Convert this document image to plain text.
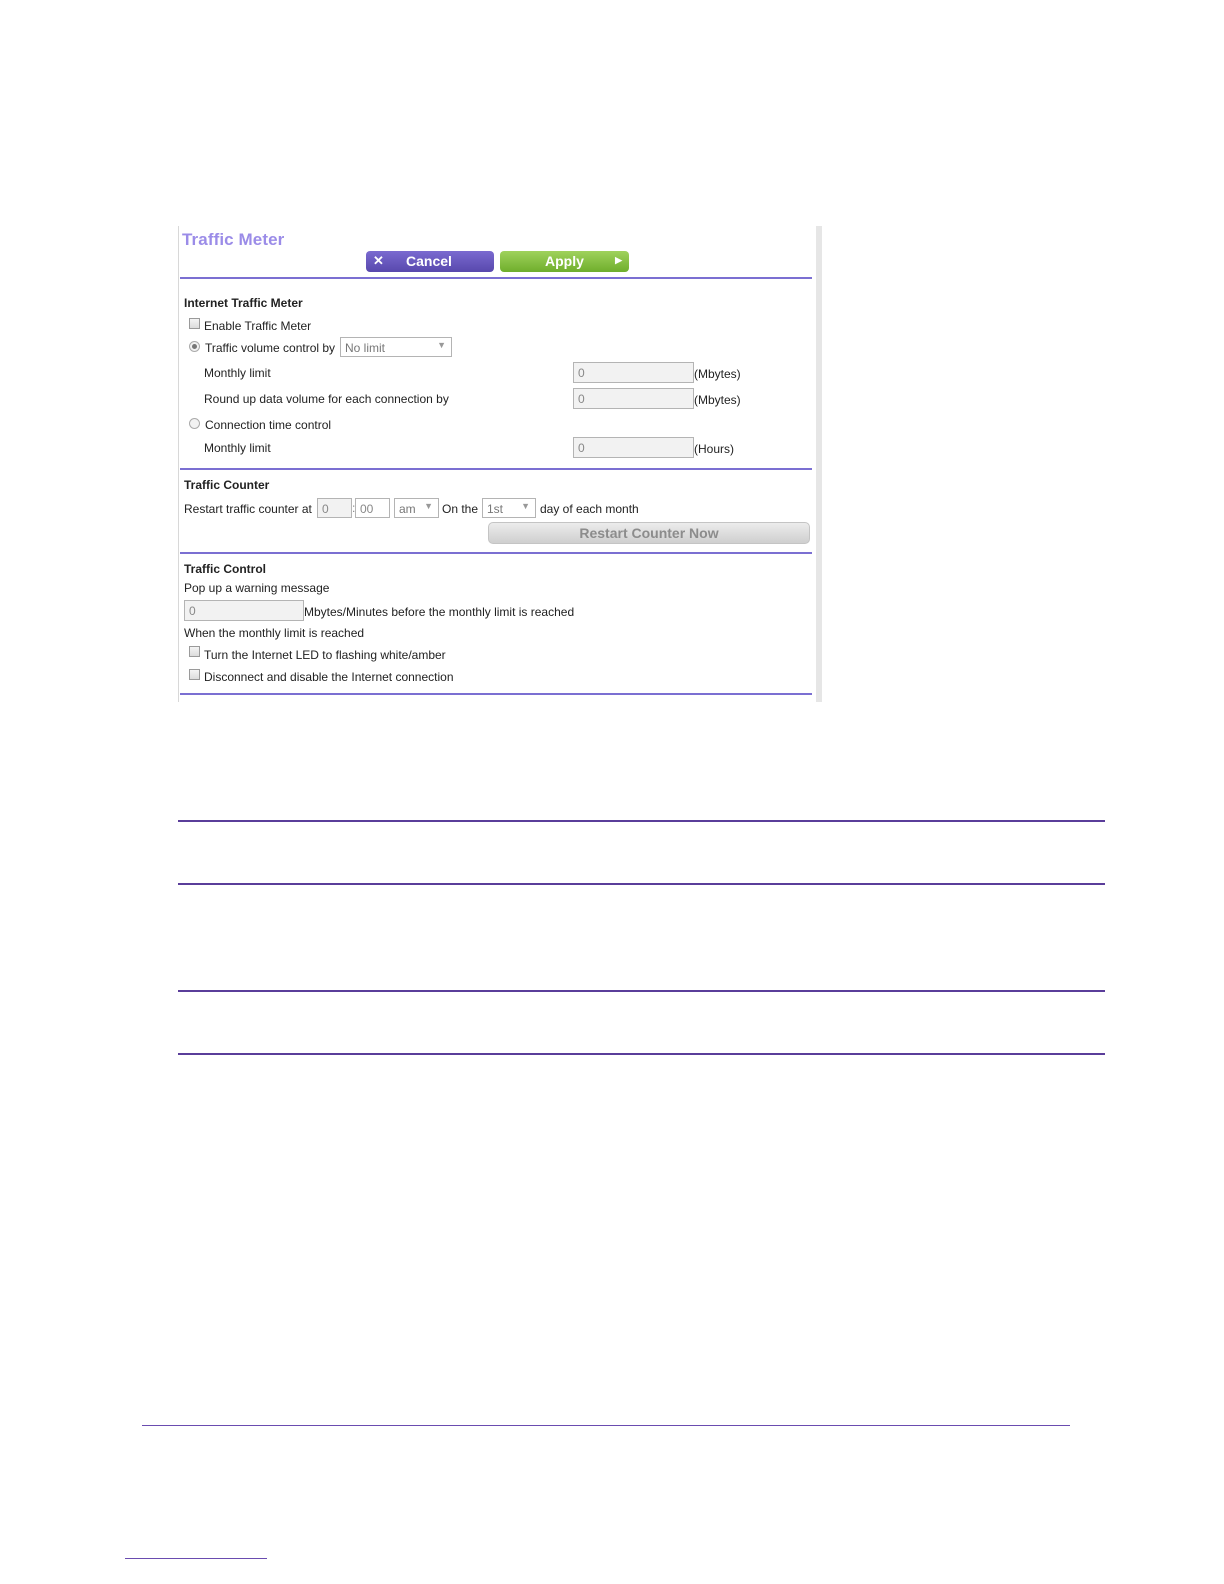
Traffic Meter
✕ Cancel	Apply	▶
Internet Traffic Meter
Enable Traffic Meter
Traffic volume control by No limit	▼
Monthly limit	0	(Mbytes)
Round up data volume for each connection by	0	(Mbytes)
Connection time control
Monthly limit	0	(Hours)
Traffic Counter
Restart traffic counter at 0	: 00	am ▼ On the 1st ▼ day of each month
Restart Counter Now
Traffic Control
Pop up a warning message
0	Mbytes/Minutes before the monthly limit is reached
When the monthly limit is reached
Turn the Internet LED to flashing white/amber
Disconnect and disable the Internet connection
